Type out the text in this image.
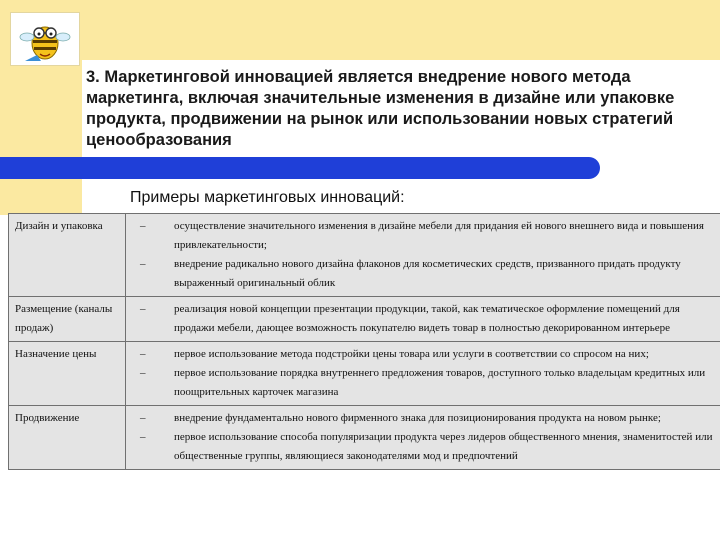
3. Маркетинговой инновацией является внедрение нового метода маркетинга, включая значительные изменения в дизайне или упаковке продукта, продвижении на рынок или использовании новых стратегий ценообразования

Примеры маркетинговых инноваций:

Дизайн и упаковка	– осуществление значительного изменения в дизайне мебели для придания ей нового внешнего вида и повышения привлекательности;
– внедрение радикально нового дизайна флаконов для косметических средств, призванного придать продукту выраженный оригинальный облик

Размещение (каналы продаж)	– реализация новой концепции презентации продукции, такой, как тематическое оформление помещений для продажи мебели, дающее возможность покупателю видеть товар в полностью декорированном интерьере

Назначение цены	– первое использование метода подстройки цены товара или услуги в соответствии со спросом на них;
– первое использование порядка внутреннего предложения товаров, доступного только владельцам кредитных или поощрительных карточек магазина

Продвижение	– внедрение фундаментально нового фирменного знака для позиционирования продукта на новом рынке;
– первое использование способа популяризации продукта через лидеров общественного мнения, знаменитостей или общественные группы, являющиеся законодателями мод и предпочтений
